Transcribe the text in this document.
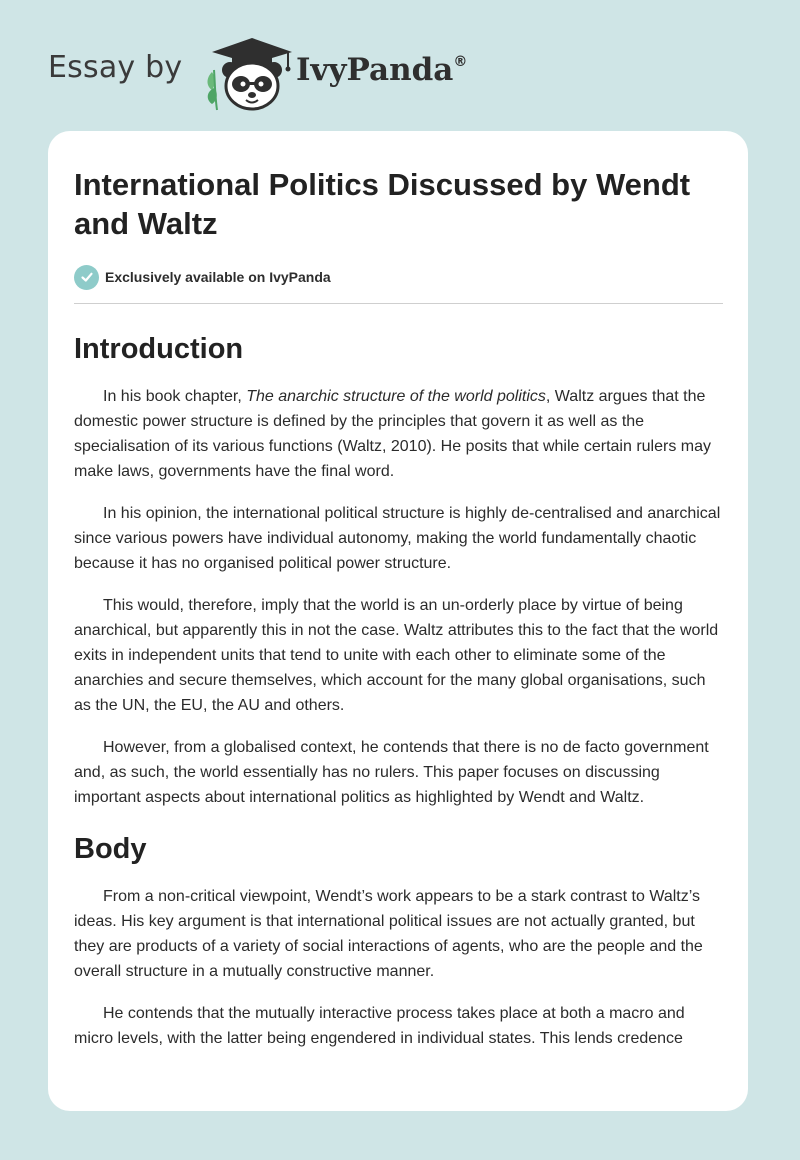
Essay by	IvyPanda®
International Politics Discussed by Wendt and Waltz
Exclusively available on IvyPanda
Introduction

In his book chapter, The anarchic structure of the world politics, Waltz argues that the domestic power structure is defined by the principles that govern it as well as the specialisation of its various functions (Waltz, 2010). He posits that while certain rulers may make laws, governments have the final word.

In his opinion, the international political structure is highly de-centralised and anarchical since various powers have individual autonomy, making the world fundamentally chaotic because it has no organised political power structure.

This would, therefore, imply that the world is an un-orderly place by virtue of being anarchical, but apparently this in not the case. Waltz attributes this to the fact that the world exits in independent units that tend to unite with each other to eliminate some of the anarchies and secure themselves, which account for the many global organisations, such as the UN, the EU, the AU and others.

However, from a globalised context, he contends that there is no de facto government and, as such, the world essentially has no rulers. This paper focuses on discussing important aspects about international politics as highlighted by Wendt and Waltz.

Body

From a non-critical viewpoint, Wendt’s work appears to be a stark contrast to Waltz’s ideas. His key argument is that international political issues are not actually granted, but they are products of a variety of social interactions of agents, who are the people and the overall structure in a mutually constructive manner.

He contends that the mutually interactive process takes place at both a macro and micro levels, with the latter being engendered in individual states. This lends credence
